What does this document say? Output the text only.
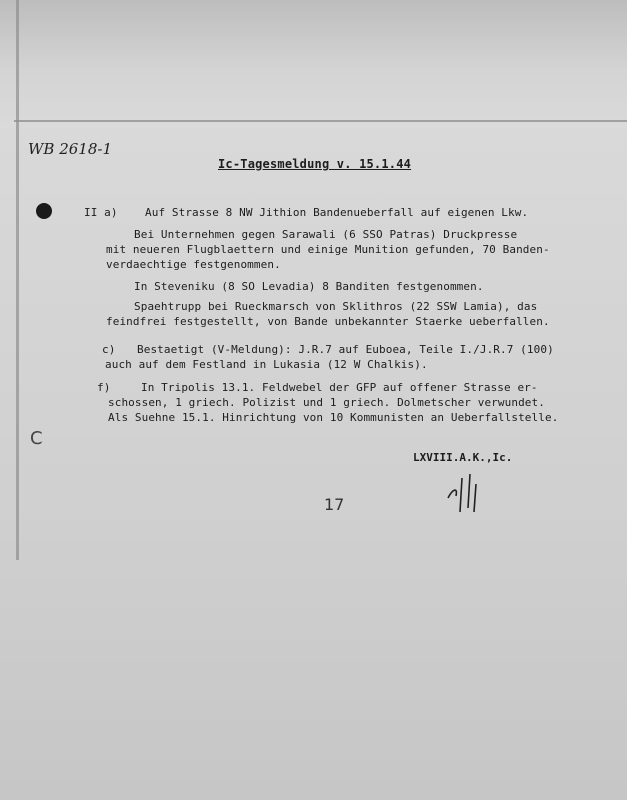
C
WB 2618-1
Ic-Tagesmeldung v. 15.1.44
II a) Auf Strasse 8 NW Jithion Bandenueberfall auf eigenen Lkw.
Bei Unternehmen gegen Sarawali (6 SSO Patras) Druckpresse
mit neueren Flugblaettern und einige Munition gefunden, 70 Banden-
verdaechtige festgenommen.
In Steveniku (8 SO Levadia) 8 Banditen festgenommen.
Spaehtrupp bei Rueckmarsch von Sklithros (22 SSW Lamia), das
feindfrei festgestellt, von Bande unbekannter Staerke ueberfallen.
c) Bestaetigt (V-Meldung): J.R.7 auf Euboea, Teile I./J.R.7 (100)
auch auf dem Festland in Lukasia (12 W Chalkis).
f)	In Tripolis 13.1. Feldwebel der GFP auf offener Strasse er-
schossen, 1 griech. Polizist und 1 griech. Dolmetscher verwundet.
Als Suehne 15.1. Hinrichtung von 10 Kommunisten an Ueberfallstelle.
LXVIII.A.K.,Ic.
17
